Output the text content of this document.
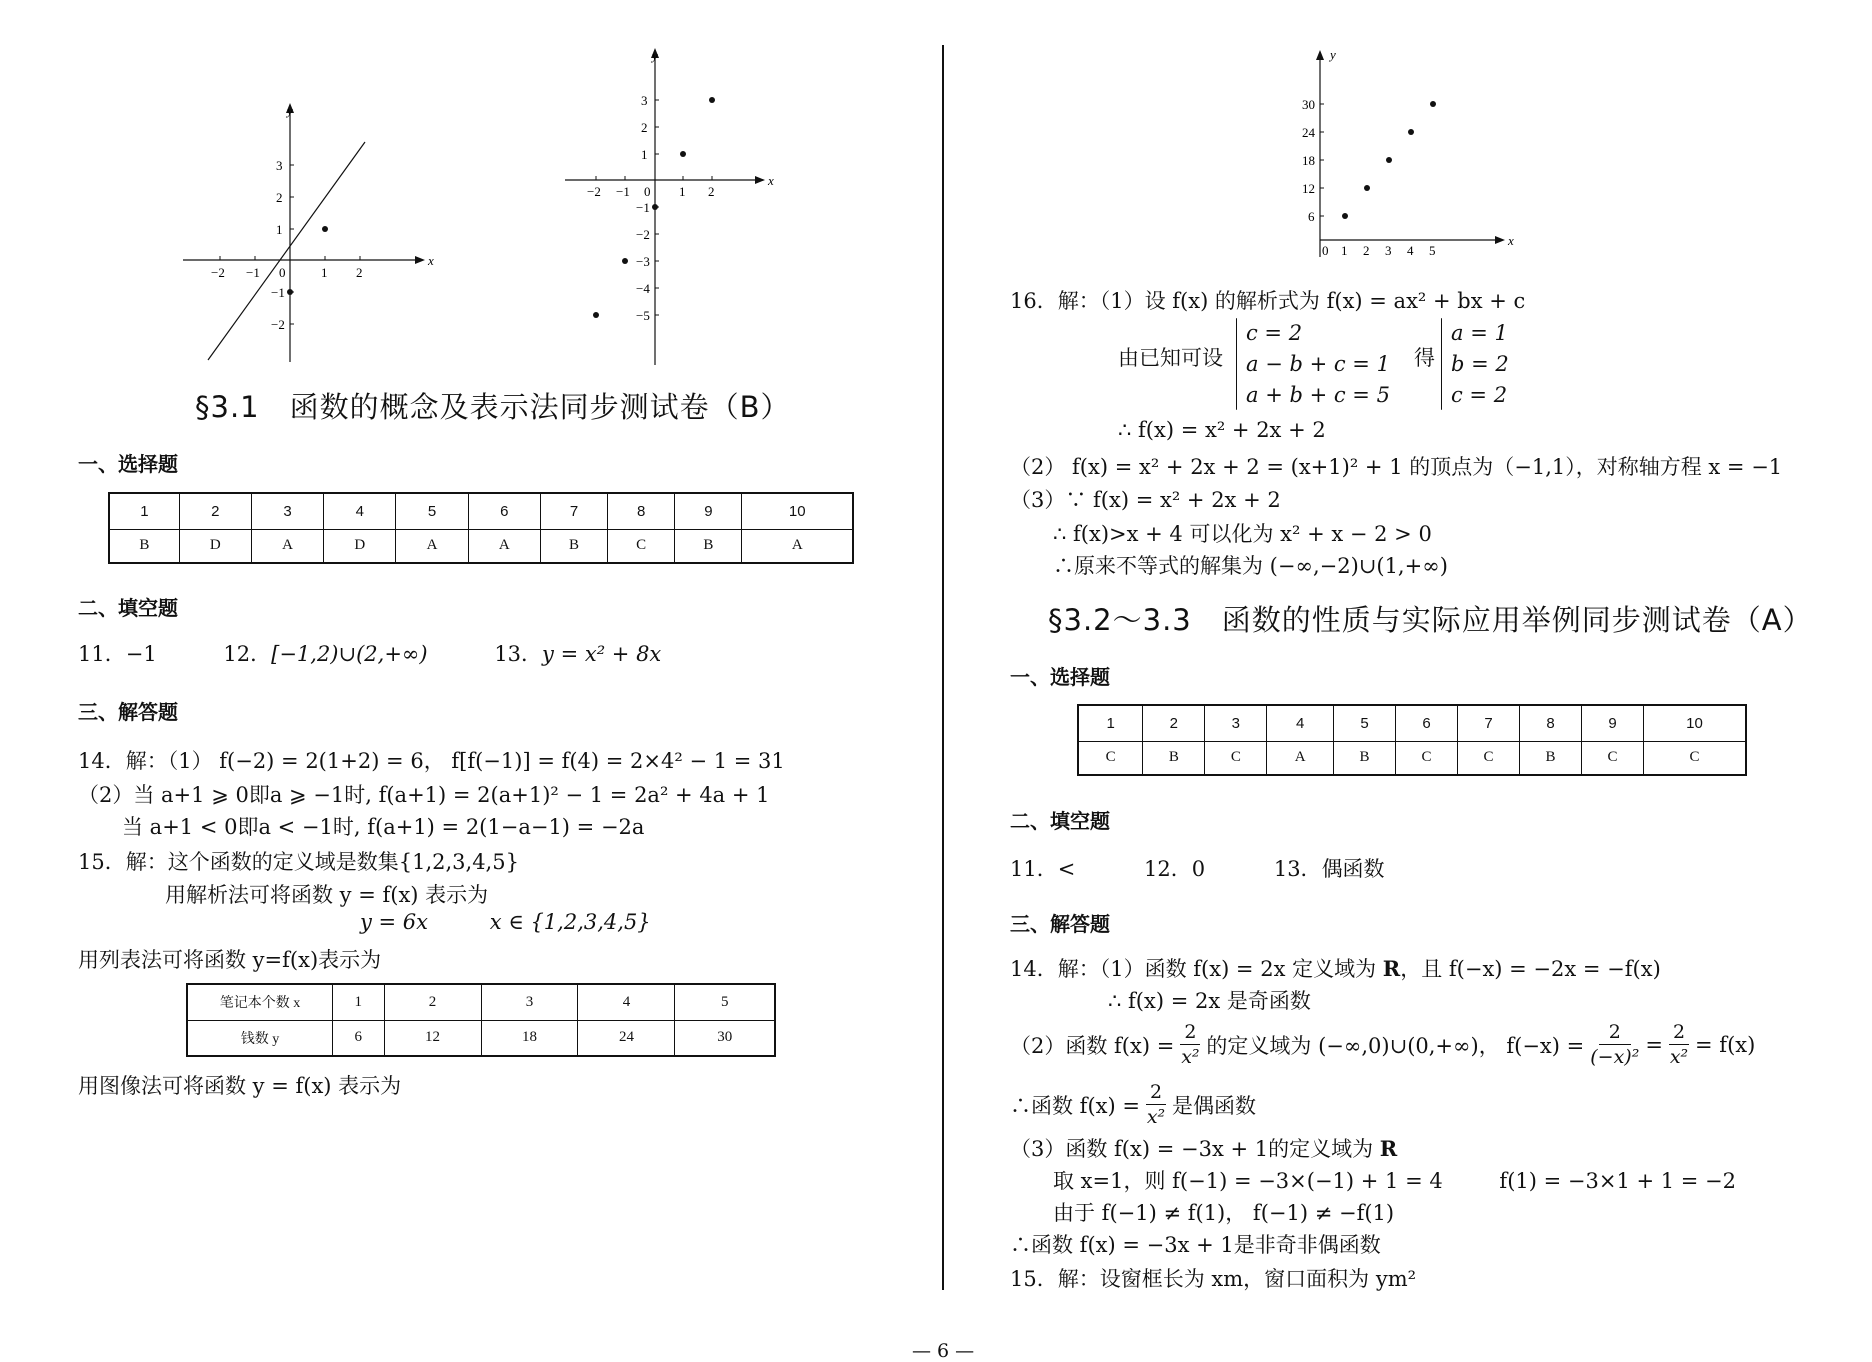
x
y
−2 −1 0	1 2
3
2
1
−1
−2
x
y
−2 −1 0 1 2
3
2
1
−1
−2
−3
−4
−5
§3.1　函数的概念及表示法同步测试卷（B）
一、选择题
1	2	3	4	5	6	7	8	9	10
B	D	A	D	A	A	B	C	B	A
二、填空题
11．−1	12．[−1,2)∪(2,+∞)	13．y = x² + 8x
三、解答题
14．解：（1） f(−2) = 2(1+2) = 6， f[f(−1)] = f(4) = 2×4² − 1 = 31
（2）当 a+1 ⩾ 0即a ⩾ −1时, f(a+1) = 2(a+1)² − 1 = 2a² + 4a + 1
当 a+1 < 0即a < −1时, f(a+1) = 2(1−a−1) = −2a
15．解：这个函数的定义域是数集{1,2,3,4,5}
用解析法可将函数 y = f(x) 表示为
y = 6x	x ∈ {1,2,3,4,5}
用列表法可将函数 y=f(x)表示为
笔记本个数 x	1	2	3	4	5
钱数 y	6	12	18	24	30
用图像法可将函数 y = f(x) 表示为
x
y
0 1 2 3 4 5
30
24
18
12
6
16．解：（1）设 f(x) 的解析式为 f(x) = ax² + bx + c
由已知可设
c = 2
a − b + c = 1
a + b + c = 5
得
a = 1
b = 2
c = 2
∴ f(x) = x² + 2x + 2
（2） f(x) = x² + 2x + 2 = (x+1)² + 1 的顶点为（−1,1），对称轴方程 x = −1
（3）∵ f(x) = x² + 2x + 2
∴ f(x)>x + 4 可以化为 x² + x − 2 > 0
∴原来不等式的解集为 (−∞,−2)∪(1,+∞)
§3.2～3.3　函数的性质与实际应用举例同步测试卷（A）
一、选择题
1	2	3	4	5	6	7	8	9	10
C	B	C	A	B	C	C	B	C	C
二、填空题
11．<	12．0	13．偶函数
三、解答题
14．解：（1）函数 f(x) = 2x 定义域为 R，且 f(−x) = −2x = −f(x)
∴ f(x) = 2x 是奇函数
（2）函数 $f(x) = \frac{2}{\text{x²}}$ 的定义域为 (−∞,0)∪(0,+∞)， $f(-x) = \frac{2}{\text{(−x)²}} = \frac{2}{\text{x²}} = f(x)$
∴函数 $f(x) = \frac{2}{\text{x²}}$ 是偶函数
（3）函数 f(x) = −3x + 1的定义域为 R
取 x=1，则 f(−1) = −3×(−1) + 1 = 4	f(1) = −3×1 + 1 = −2
由于 f(−1) ≠ f(1)， f(−1) ≠ −f(1)
∴函数 f(x) = −3x + 1是非奇非偶函数
15．解：设窗框长为 xm，窗口面积为 ym²
— 6 —
